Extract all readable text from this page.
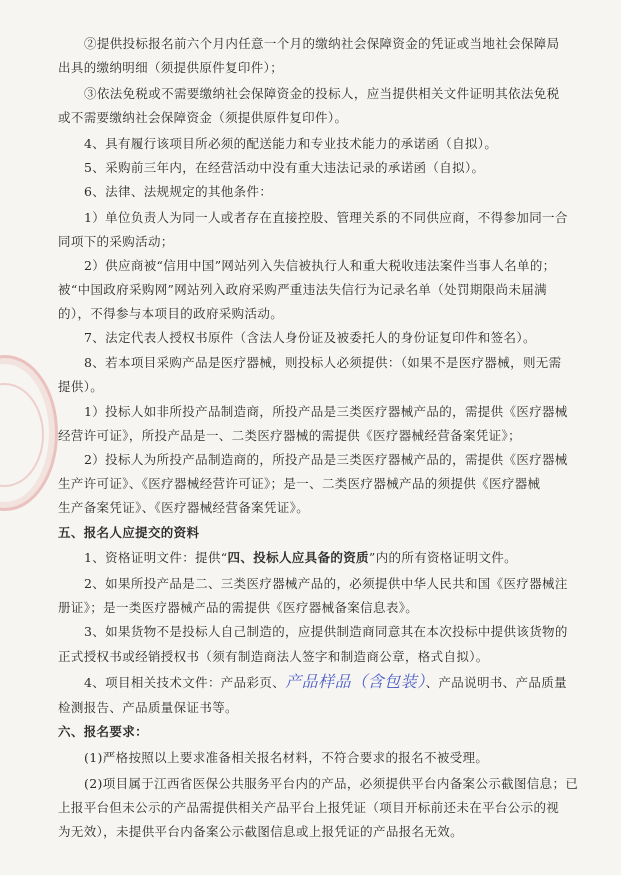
②提供投标报名前六个月内任意一个月的缴纳社会保障资金的凭证或当地社会保障局
出具的缴纳明细（须提供原件复印件）；
③依法免税或不需要缴纳社会保障资金的投标人，应当提供相关文件证明其依法免税
或不需要缴纳社会保障资金（须提供原件复印件）。
4、具有履行该项目所必须的配送能力和专业技术能力的承诺函（自拟）。
5、采购前三年内，在经营活动中没有重大违法记录的承诺函（自拟）。
6、法律、法规规定的其他条件：
1）单位负责人为同一人或者存在直接控股、管理关系的不同供应商，不得参加同一合
同项下的采购活动；
2）供应商被“信用中国”网站列入失信被执行人和重大税收违法案件当事人名单的；
被“中国政府采购网”网站列入政府采购严重违法失信行为记录名单（处罚期限尚未届满
的），不得参与本项目的政府采购活动。
7、法定代表人授权书原件（含法人身份证及被委托人的身份证复印件和签名）。
8、若本项目采购产品是医疗器械，则投标人必须提供：（如果不是医疗器械，则无需
提供）。
1）投标人如非所投产品制造商，所投产品是三类医疗器械产品的，需提供《医疗器械
经营许可证》，所投产品是一、二类医疗器械的需提供《医疗器械经营备案凭证》；
2）投标人为所投产品制造商的，所投产品是三类医疗器械产品的，需提供《医疗器械
生产许可证》、《医疗器械经营许可证》；是一、二类医疗器械产品的须提供《医疗器械
生产备案凭证》、《医疗器械经营备案凭证》。
五、报名人应提交的资料
1、资格证明文件：提供“四、投标人应具备的资质”内的所有资格证明文件。
2、如果所投产品是二、三类医疗器械产品的，必须提供中华人民共和国《医疗器械注
册证》；是一类医疗器械产品的需提供《医疗器械备案信息表》。
3、如果货物不是投标人自己制造的，应提供制造商同意其在本次投标中提供该货物的
正式授权书或经销授权书（须有制造商法人签字和制造商公章，格式自拟）。
4、项目相关技术文件：产品彩页、产品样品（含包装）、产品说明书、产品质量
检测报告、产品质量保证书等。
六、报名要求：
(1)严格按照以上要求准备相关报名材料，不符合要求的报名不被受理。
(2)项目属于江西省医保公共服务平台内的产品，必须提供平台内备案公示截图信息；已
上报平台但未公示的产品需提供相关产品平台上报凭证（项目开标前还未在平台公示的视
为无效），未提供平台内备案公示截图信息或上报凭证的产品报名无效。
